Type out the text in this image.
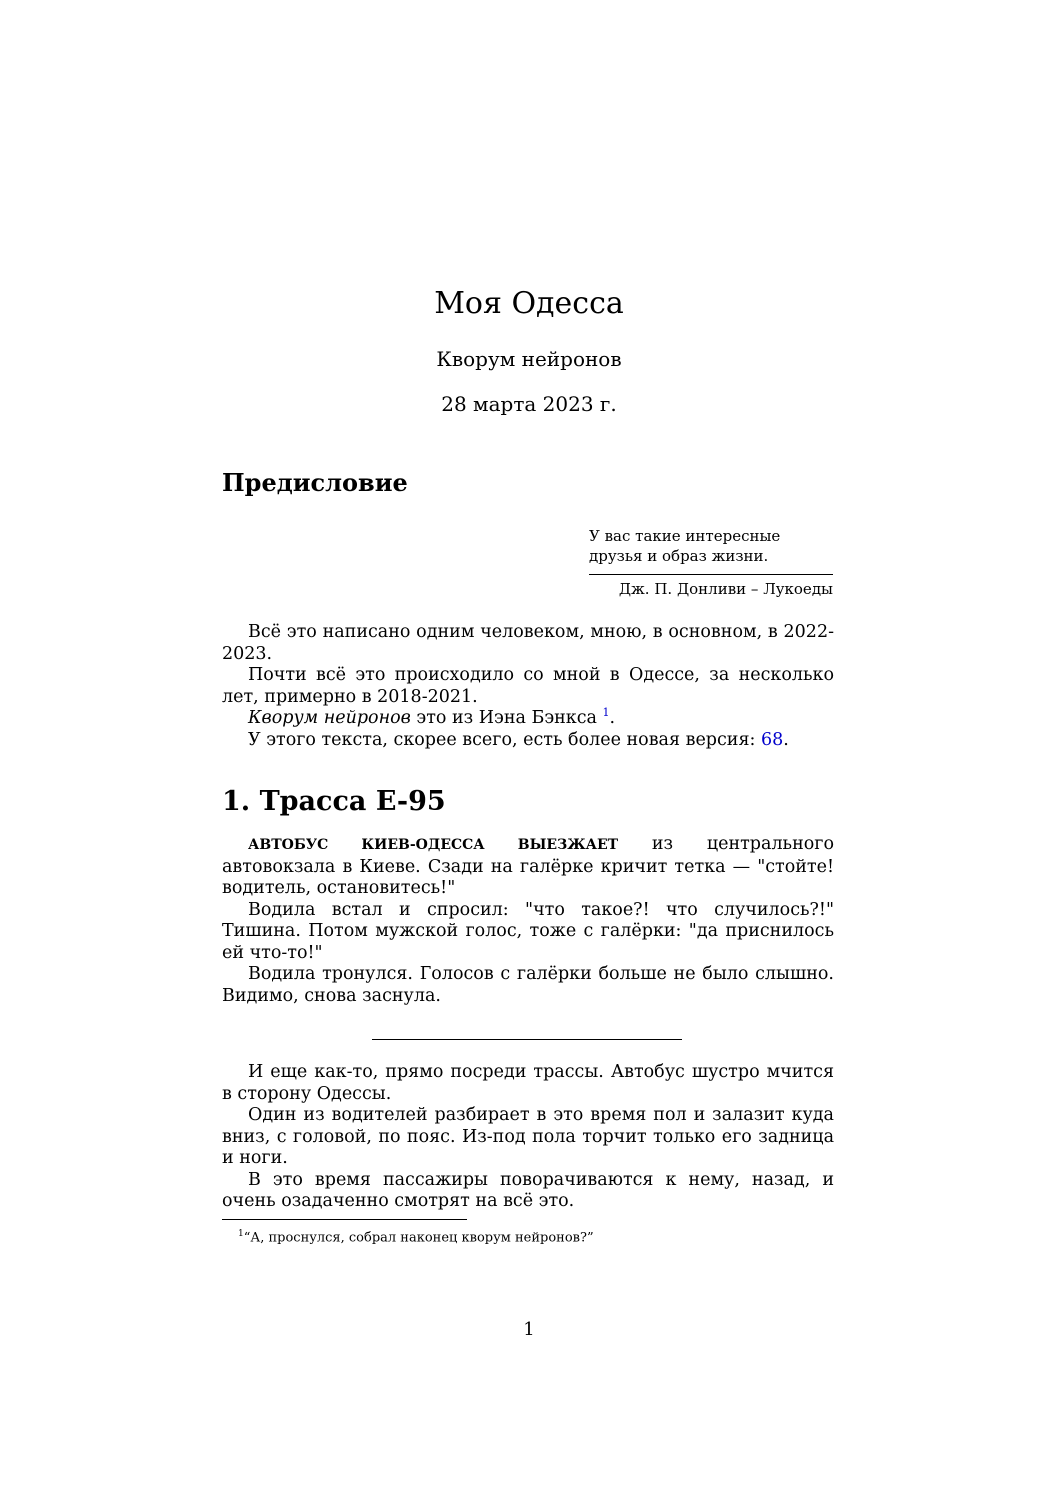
Моя Одесса
Кворум нейронов
28 марта 2023 г.
Предисловие
У вас такие интересные
друзья и образ жизни.
Дж. П. Донливи – Лукоеды

Всё это написано одним человеком, мною, в основном, в 2022-2023.

Почти всё это происходило со мной в Одессе, за несколько лет, примерно в 2018-2021.

Кворум нейронов это из Иэна Бэнкса $^1$.

У этого текста, скорее всего, есть более новая версия: 68.

1. Трасса E-95

АВТОБУС КИЕВ-ОДЕССА ВЫЕЗЖАЕТ из центрального автовокзала в Киеве. Сзади на галёрке кричит тетка — "стойте! водитель, остановитесь!"

Водила встал и спросил: "что такое?! что случилось?!" Тишина. Потом мужской голос, тоже с галёрки: "да приснилось ей что-то!"

Водила тронулся. Голосов с галёрки больше не было слышно. Видимо, снова заснула.

И еще как-то, прямо посреди трассы. Автобус шустро мчится в сторону Одессы.

Один из водителей разбирает в это время пол и залазит куда вниз, с головой, по пояс. Из-под пола торчит только его задница и ноги.

В это время пассажиры поворачиваются к нему, назад, и очень озадаченно смотрят на всё это.

$^1$“А, проснулся, собрал наконец кворум нейронов?”
1
